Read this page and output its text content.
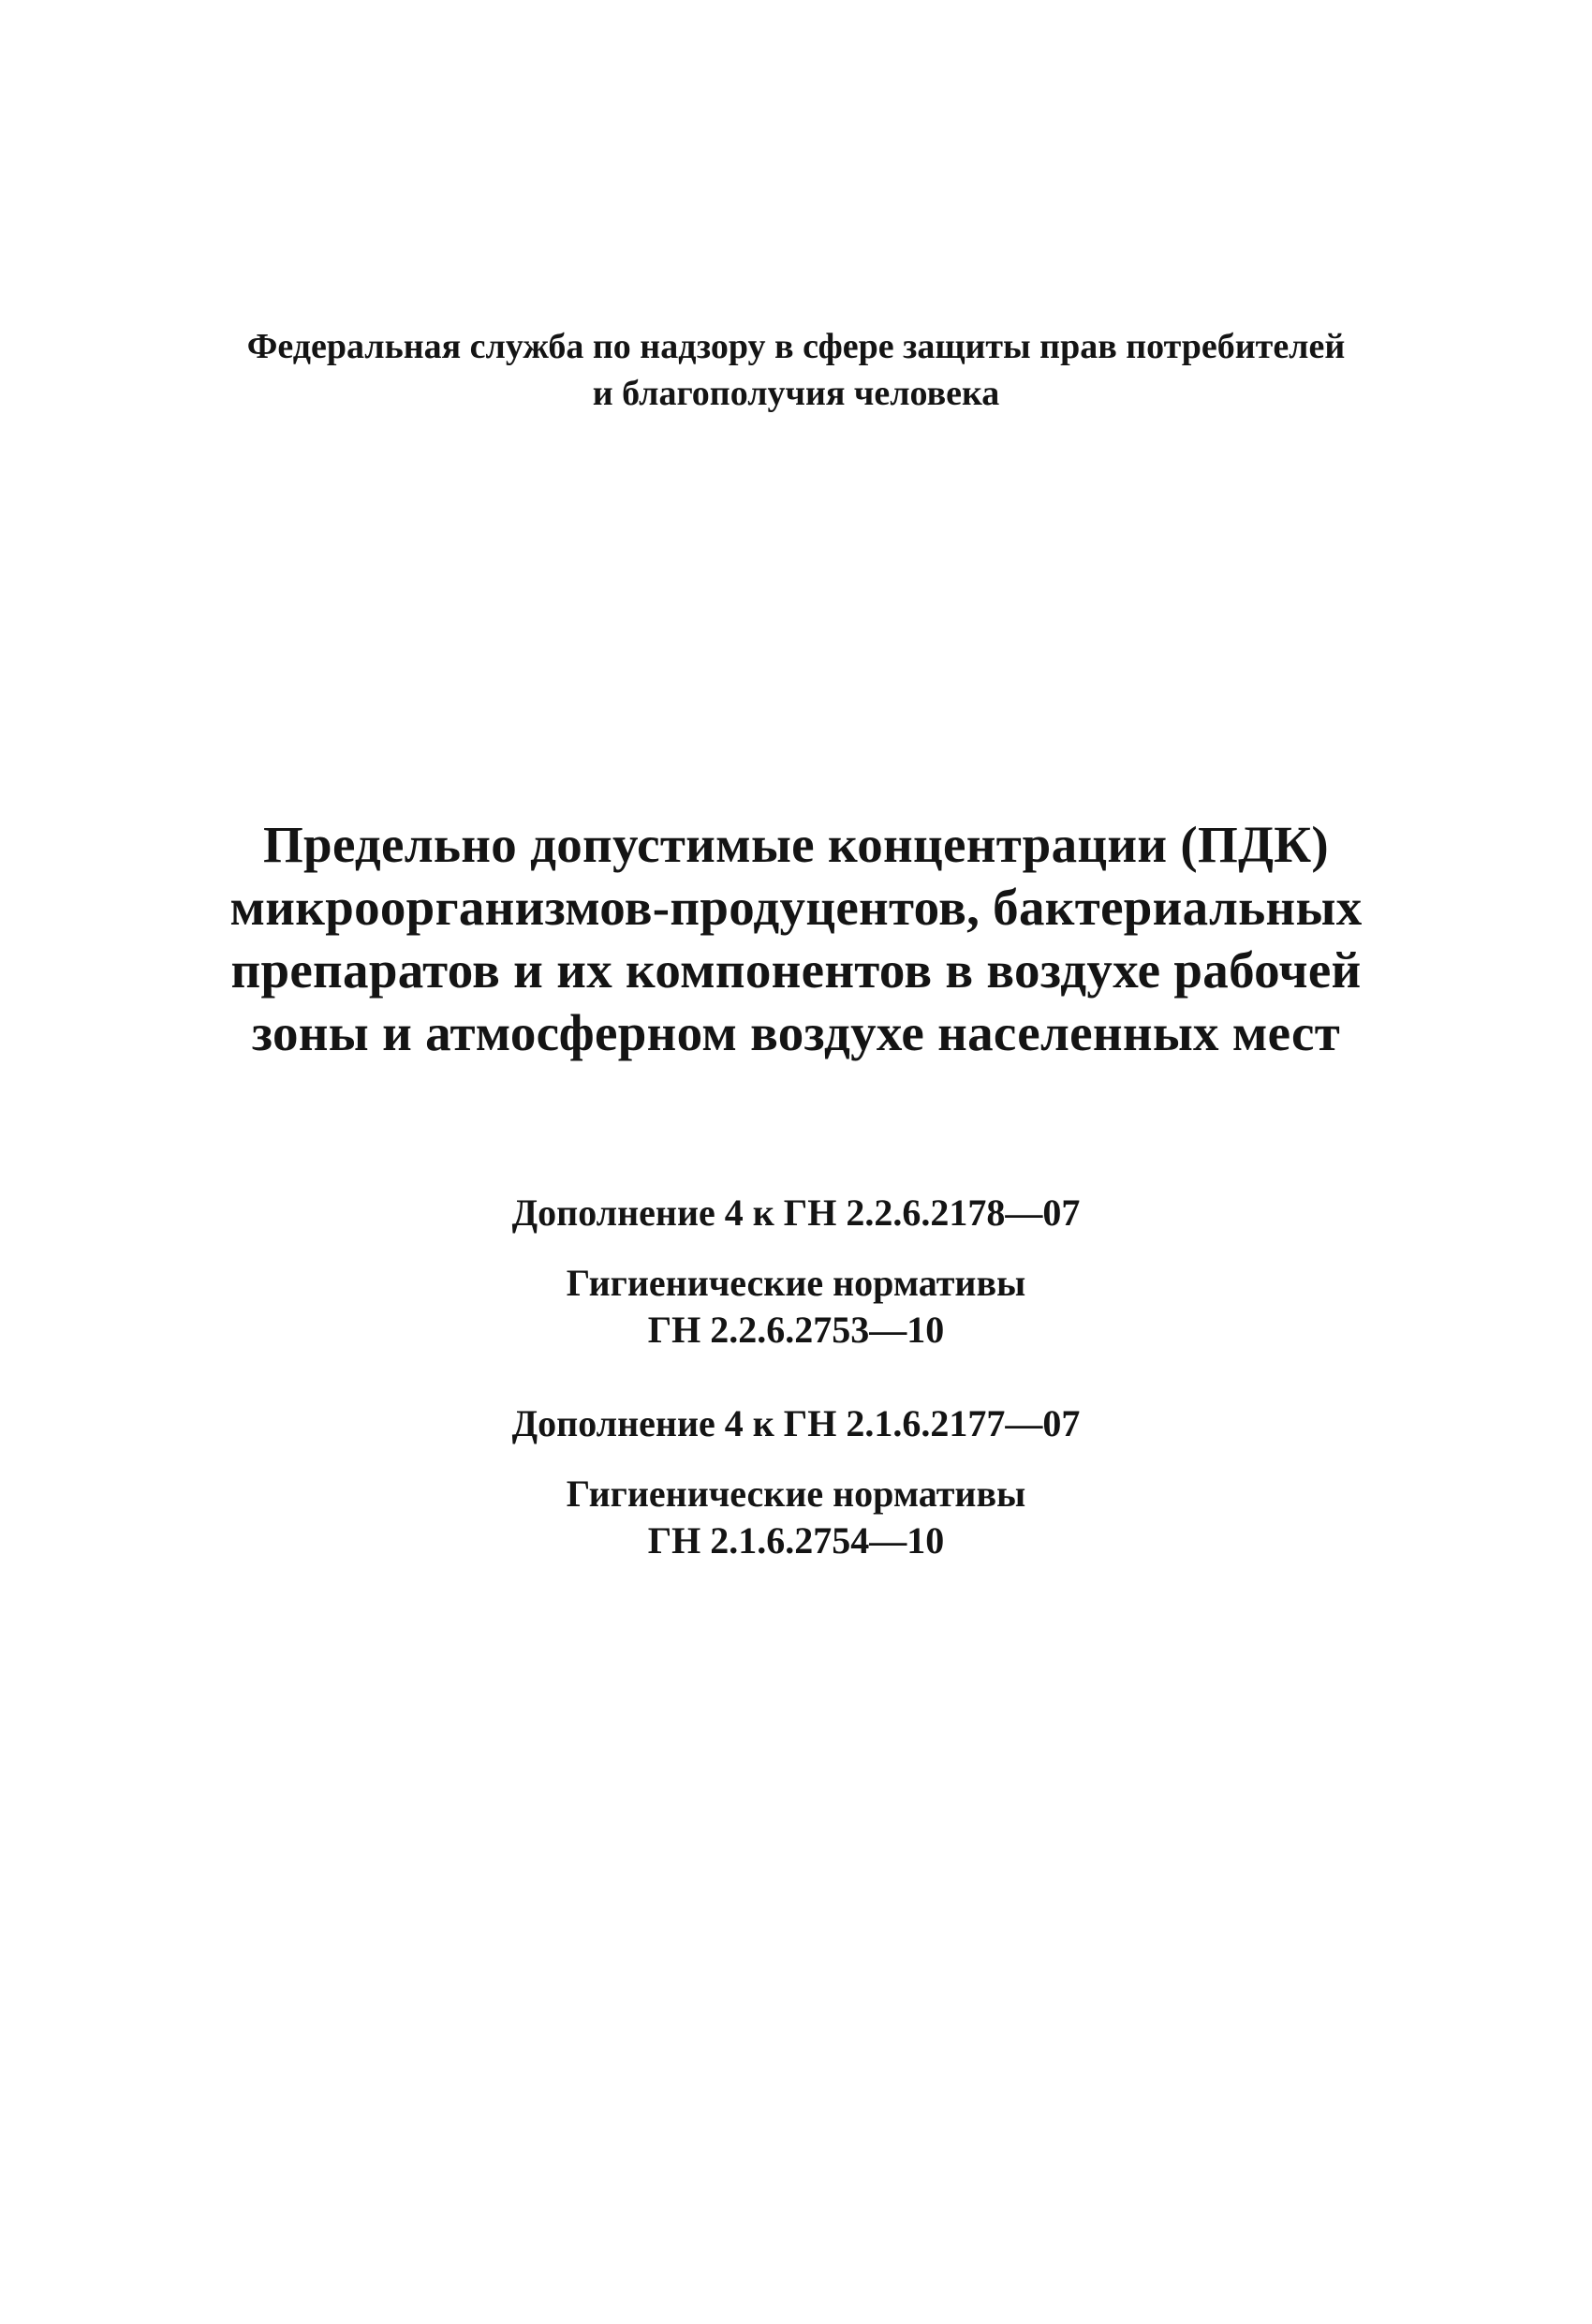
Федеральная служба по надзору в сфере защиты прав потребителей
и благополучия человека
Предельно допустимые концентрации (ПДК)
микроорганизмов-продуцентов, бактериальных
препаратов и их компонентов в воздухе рабочей
зоны и атмосферном воздухе населенных мест
Дополнение 4 к ГН 2.2.6.2178—07
Гигиенические нормативы
ГН 2.2.6.2753—10
Дополнение 4 к ГН 2.1.6.2177—07
Гигиенические нормативы
ГН 2.1.6.2754—10
